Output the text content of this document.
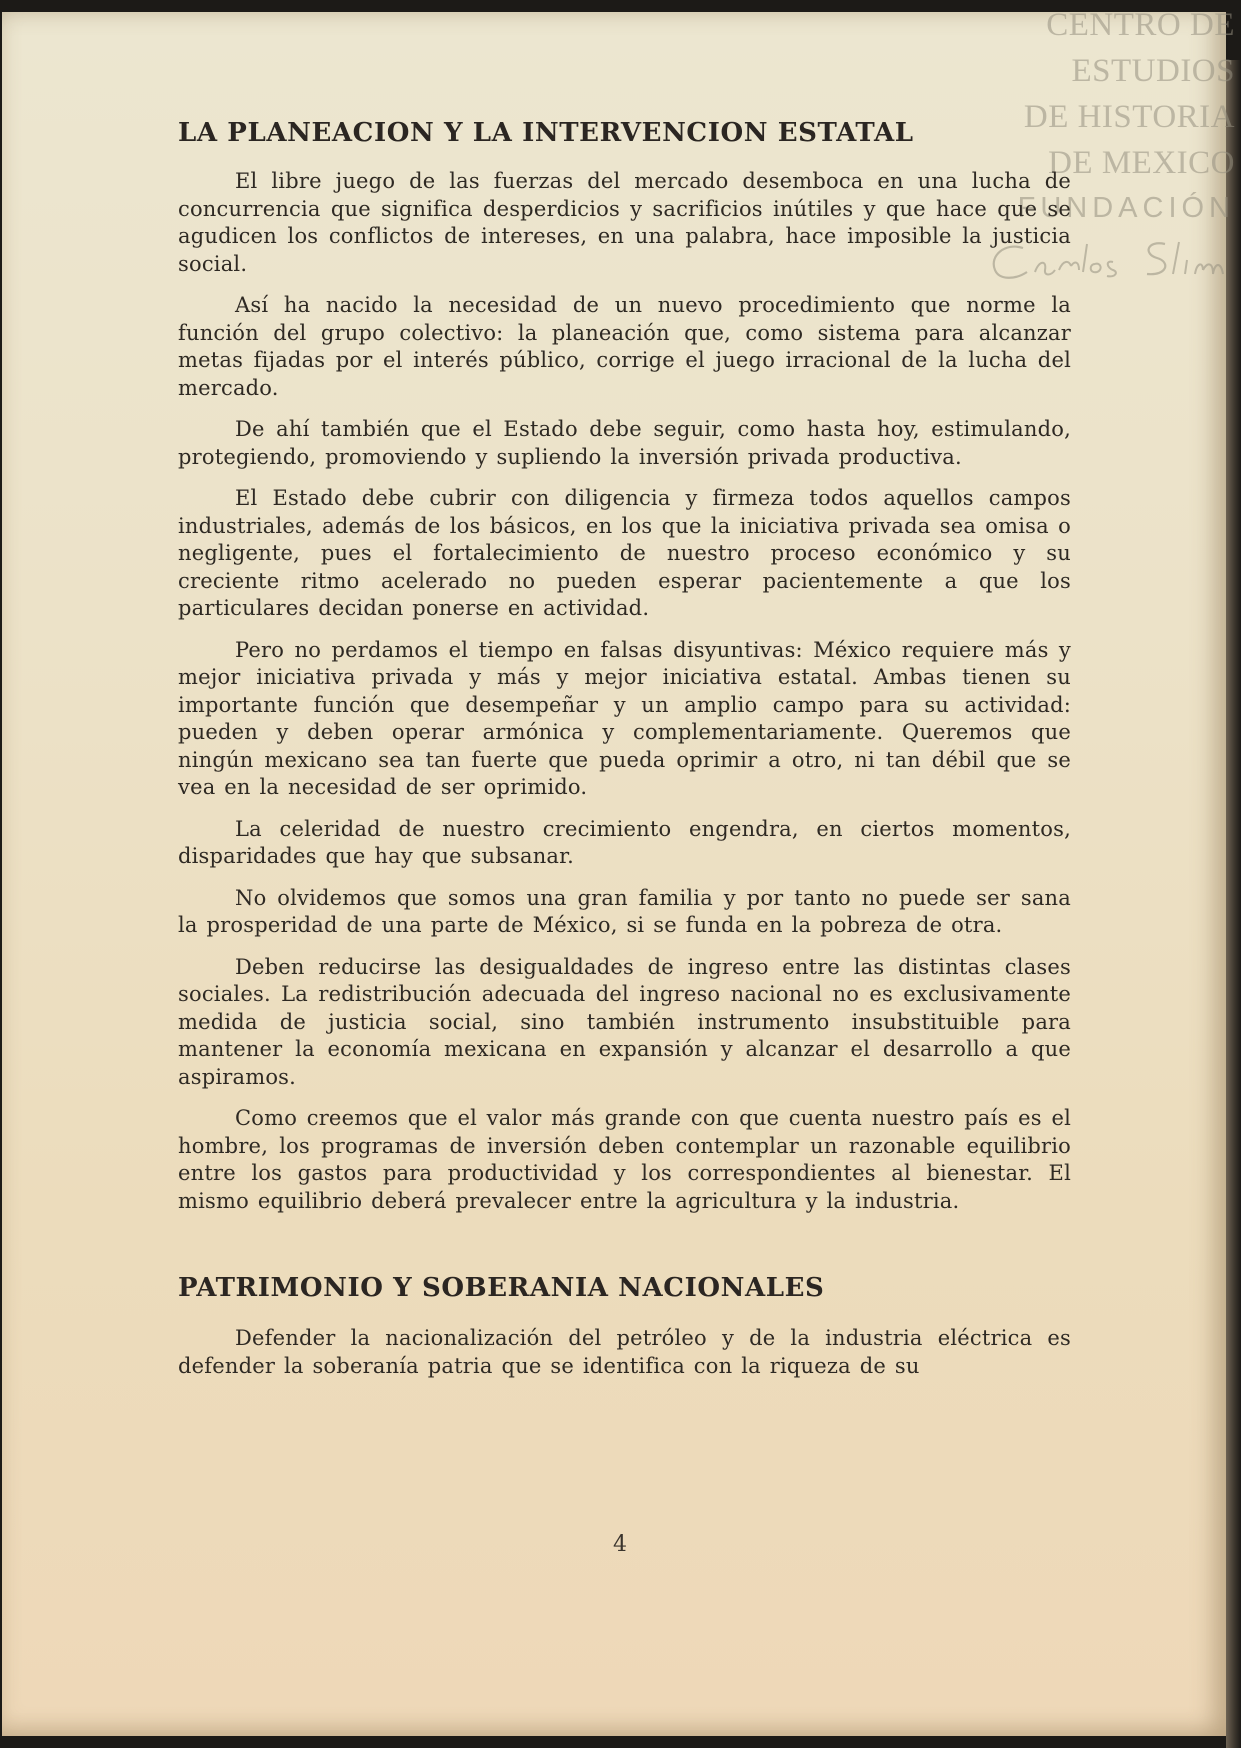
CENTRO DE
ESTUDIOS
DE HISTORIA
DE MEXICO
FUNDACIÓN
LA PLANEACION Y LA INTERVENCION ESTATAL

El libre juego de las fuerzas del mercado desemboca en una lucha de concurrencia que significa desperdicios y sacrificios inútiles y que hace que se agudicen los conflictos de intereses, en una palabra, hace imposible la justicia social.

Así ha nacido la necesidad de un nuevo procedimiento que norme la función del grupo colectivo: la planeación que, como sistema para alcanzar metas fijadas por el interés público, corrige el juego irracional de la lucha del mercado.

De ahí también que el Estado debe seguir, como hasta hoy, estimulando, protegiendo, promoviendo y supliendo la inversión privada productiva.

El Estado debe cubrir con diligencia y firmeza todos aquellos campos industriales, además de los básicos, en los que la iniciativa privada sea omisa o negligente, pues el fortalecimiento de nuestro proceso económico y su creciente ritmo acelerado no pueden esperar pacientemente a que los particulares decidan ponerse en actividad.

Pero no perdamos el tiempo en falsas disyuntivas: México requiere más y mejor iniciativa privada y más y mejor iniciativa estatal. Ambas tienen su importante función que desempeñar y un amplio campo para su actividad: pueden y deben operar armónica y complementariamente. Queremos que ningún mexicano sea tan fuerte que pueda oprimir a otro, ni tan débil que se vea en la necesidad de ser oprimido.

La celeridad de nuestro crecimiento engendra, en ciertos momentos, disparidades que hay que subsanar.

No olvidemos que somos una gran familia y por tanto no puede ser sana la prosperidad de una parte de México, si se funda en la pobreza de otra.

Deben reducirse las desigualdades de ingreso entre las distintas clases sociales. La redistribución adecuada del ingreso nacional no es exclusivamente medida de justicia social, sino también instrumento insubstituible para mantener la economía mexicana en expansión y alcanzar el desarrollo a que aspiramos.

Como creemos que el valor más grande con que cuenta nuestro país es el hombre, los programas de inversión deben contemplar un razonable equilibrio entre los gastos para productividad y los correspondientes al bienestar. El mismo equilibrio deberá prevalecer entre la agricultura y la industria.

PATRIMONIO Y SOBERANIA NACIONALES

Defender la nacionalización del petróleo y de la industria eléctrica es defender la soberanía patria que se identifica con la riqueza de su

4
